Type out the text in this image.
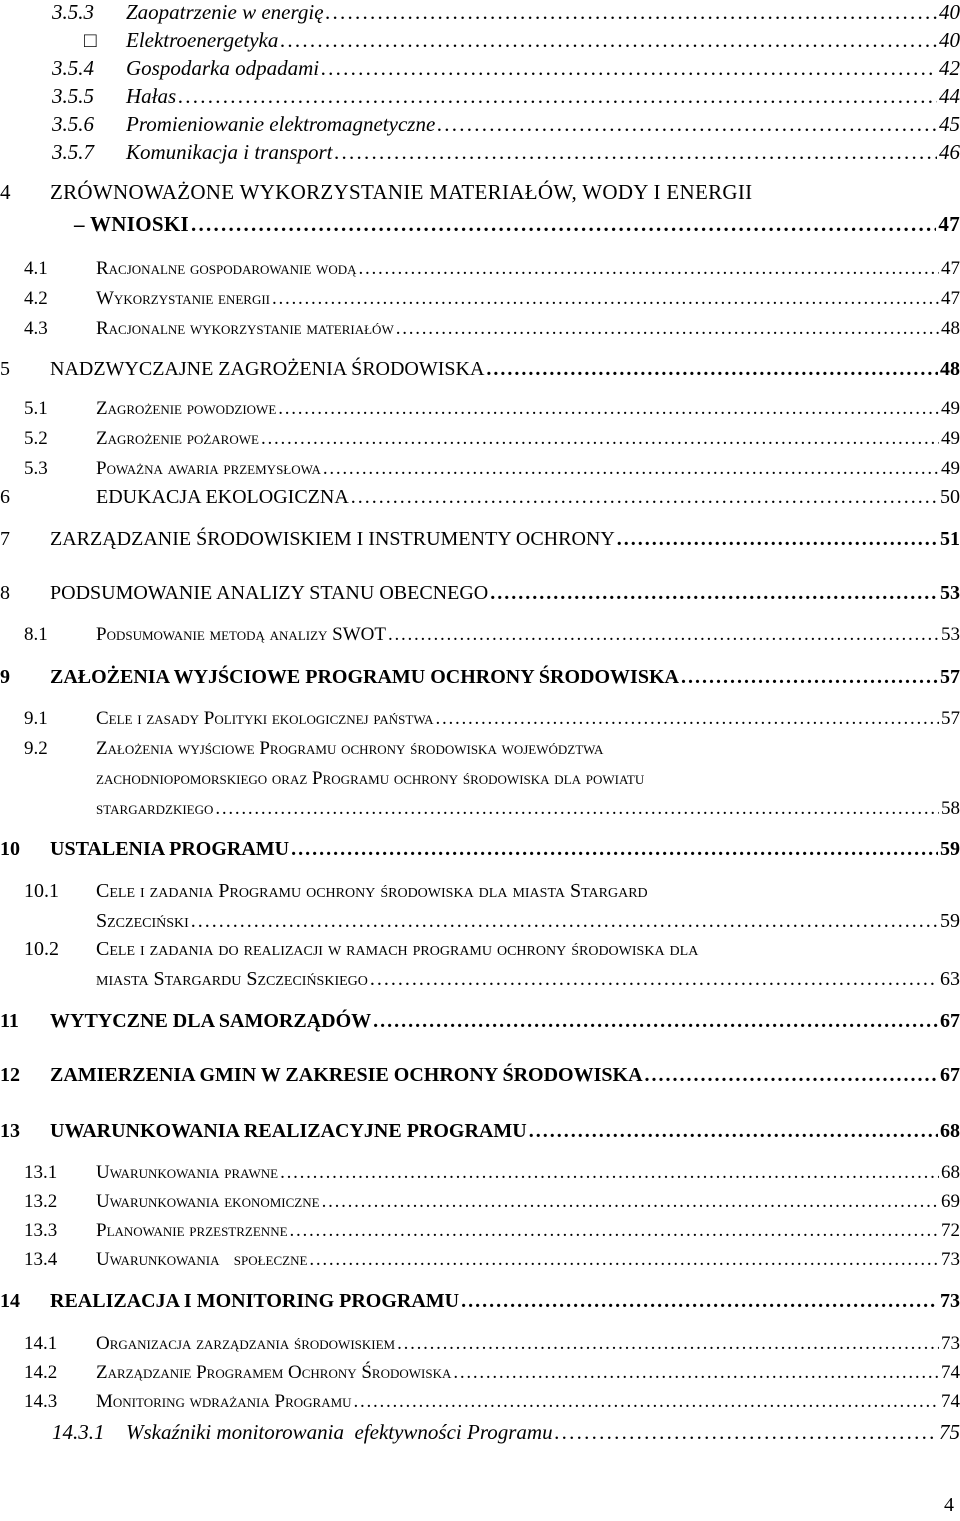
3.5.3 Zaopatrzenie w energię . . .	40
□ Elektroenergetyka . . .	40
3.5.4 Gospodarka odpadami . . .	42
3.5.5 Hałas . . .	44
3.5.6 Promieniowanie elektromagnetyczne . . .	45
3.5.7 Komunikacja i transport . . .	46
4 ZRÓWNOWAŻONE WYKORZYSTANIE MATERIAŁÓW, WODY I ENERGII
– WNIOSKI . . .	47
4.1	Racjonalne gospodarowanie wodą . . .	47
4.2	Wykorzystanie energii . . .	47
4.3	Racjonalne wykorzystanie materiałów . . .	48
5 NADZWYCZAJNE ZAGROŻENIA ŚRODOWISKA . . .	48
5.1	Zagrożenie powodziowe . . .	49
5.2	Zagrożenie pożarowe . . .	49
5.3	Poważna awaria przemysłowa . . .	49
6	EDUKACJA EKOLOGICZNA . . .	50
7 ZARZĄDZANIE ŚRODOWISKIEM I INSTRUMENTY OCHRONY . . .	51
8 PODSUMOWANIE ANALIZY STANU OBECNEGO . . .	53
8.1	Podsumowanie metodą analizy SWOT . . .	53
9 ZAŁOŻENIA WYJŚCIOWE PROGRAMU OCHRONY ŚRODOWISKA . . .	57
9.1	Cele i zasady Polityki ekologicznej państwa . . .	57
9.2	Założenia wyjściowe Programu ochrony środowiska województwa
zachodniopomorskiego oraz Programu ochrony środowiska dla powiatu
stargardzkiego . . .	58
10 USTALENIA PROGRAMU . . .	59
10.1 Cele i zadania Programu ochrony środowiska dla miasta Stargard
Szczeciński . . .	59
10.2 Cele i zadania do realizacji w ramach programu ochrony środowiska dla
miasta Stargardu Szczecińskiego . . .	63
11 WYTYCZNE DLA SAMORZĄDÓW . . .	67
12 ZAMIERZENIA GMIN W ZAKRESIE OCHRONY ŚRODOWISKA . . .	67
13 UWARUNKOWANIA REALIZACYJNE PROGRAMU . . .	68
13.1 Uwarunkowania prawne . . .	68
13.2 Uwarunkowania ekonomiczne . . .	69
13.3 Planowanie przestrzenne . . .	72
13.4 Uwarunkowania   społeczne . . .	73
14 REALIZACJA I MONITORING PROGRAMU . . .	73
14.1 Organizacja zarządzania środowiskiem . . .	73
14.2 Zarządzanie Programem Ochrony Środowiska . . .	74
14.3 Monitoring wdrażania Programu . . .	74
14.3.1 Wskaźniki monitorowania  efektywności Programu . . .	75
4
